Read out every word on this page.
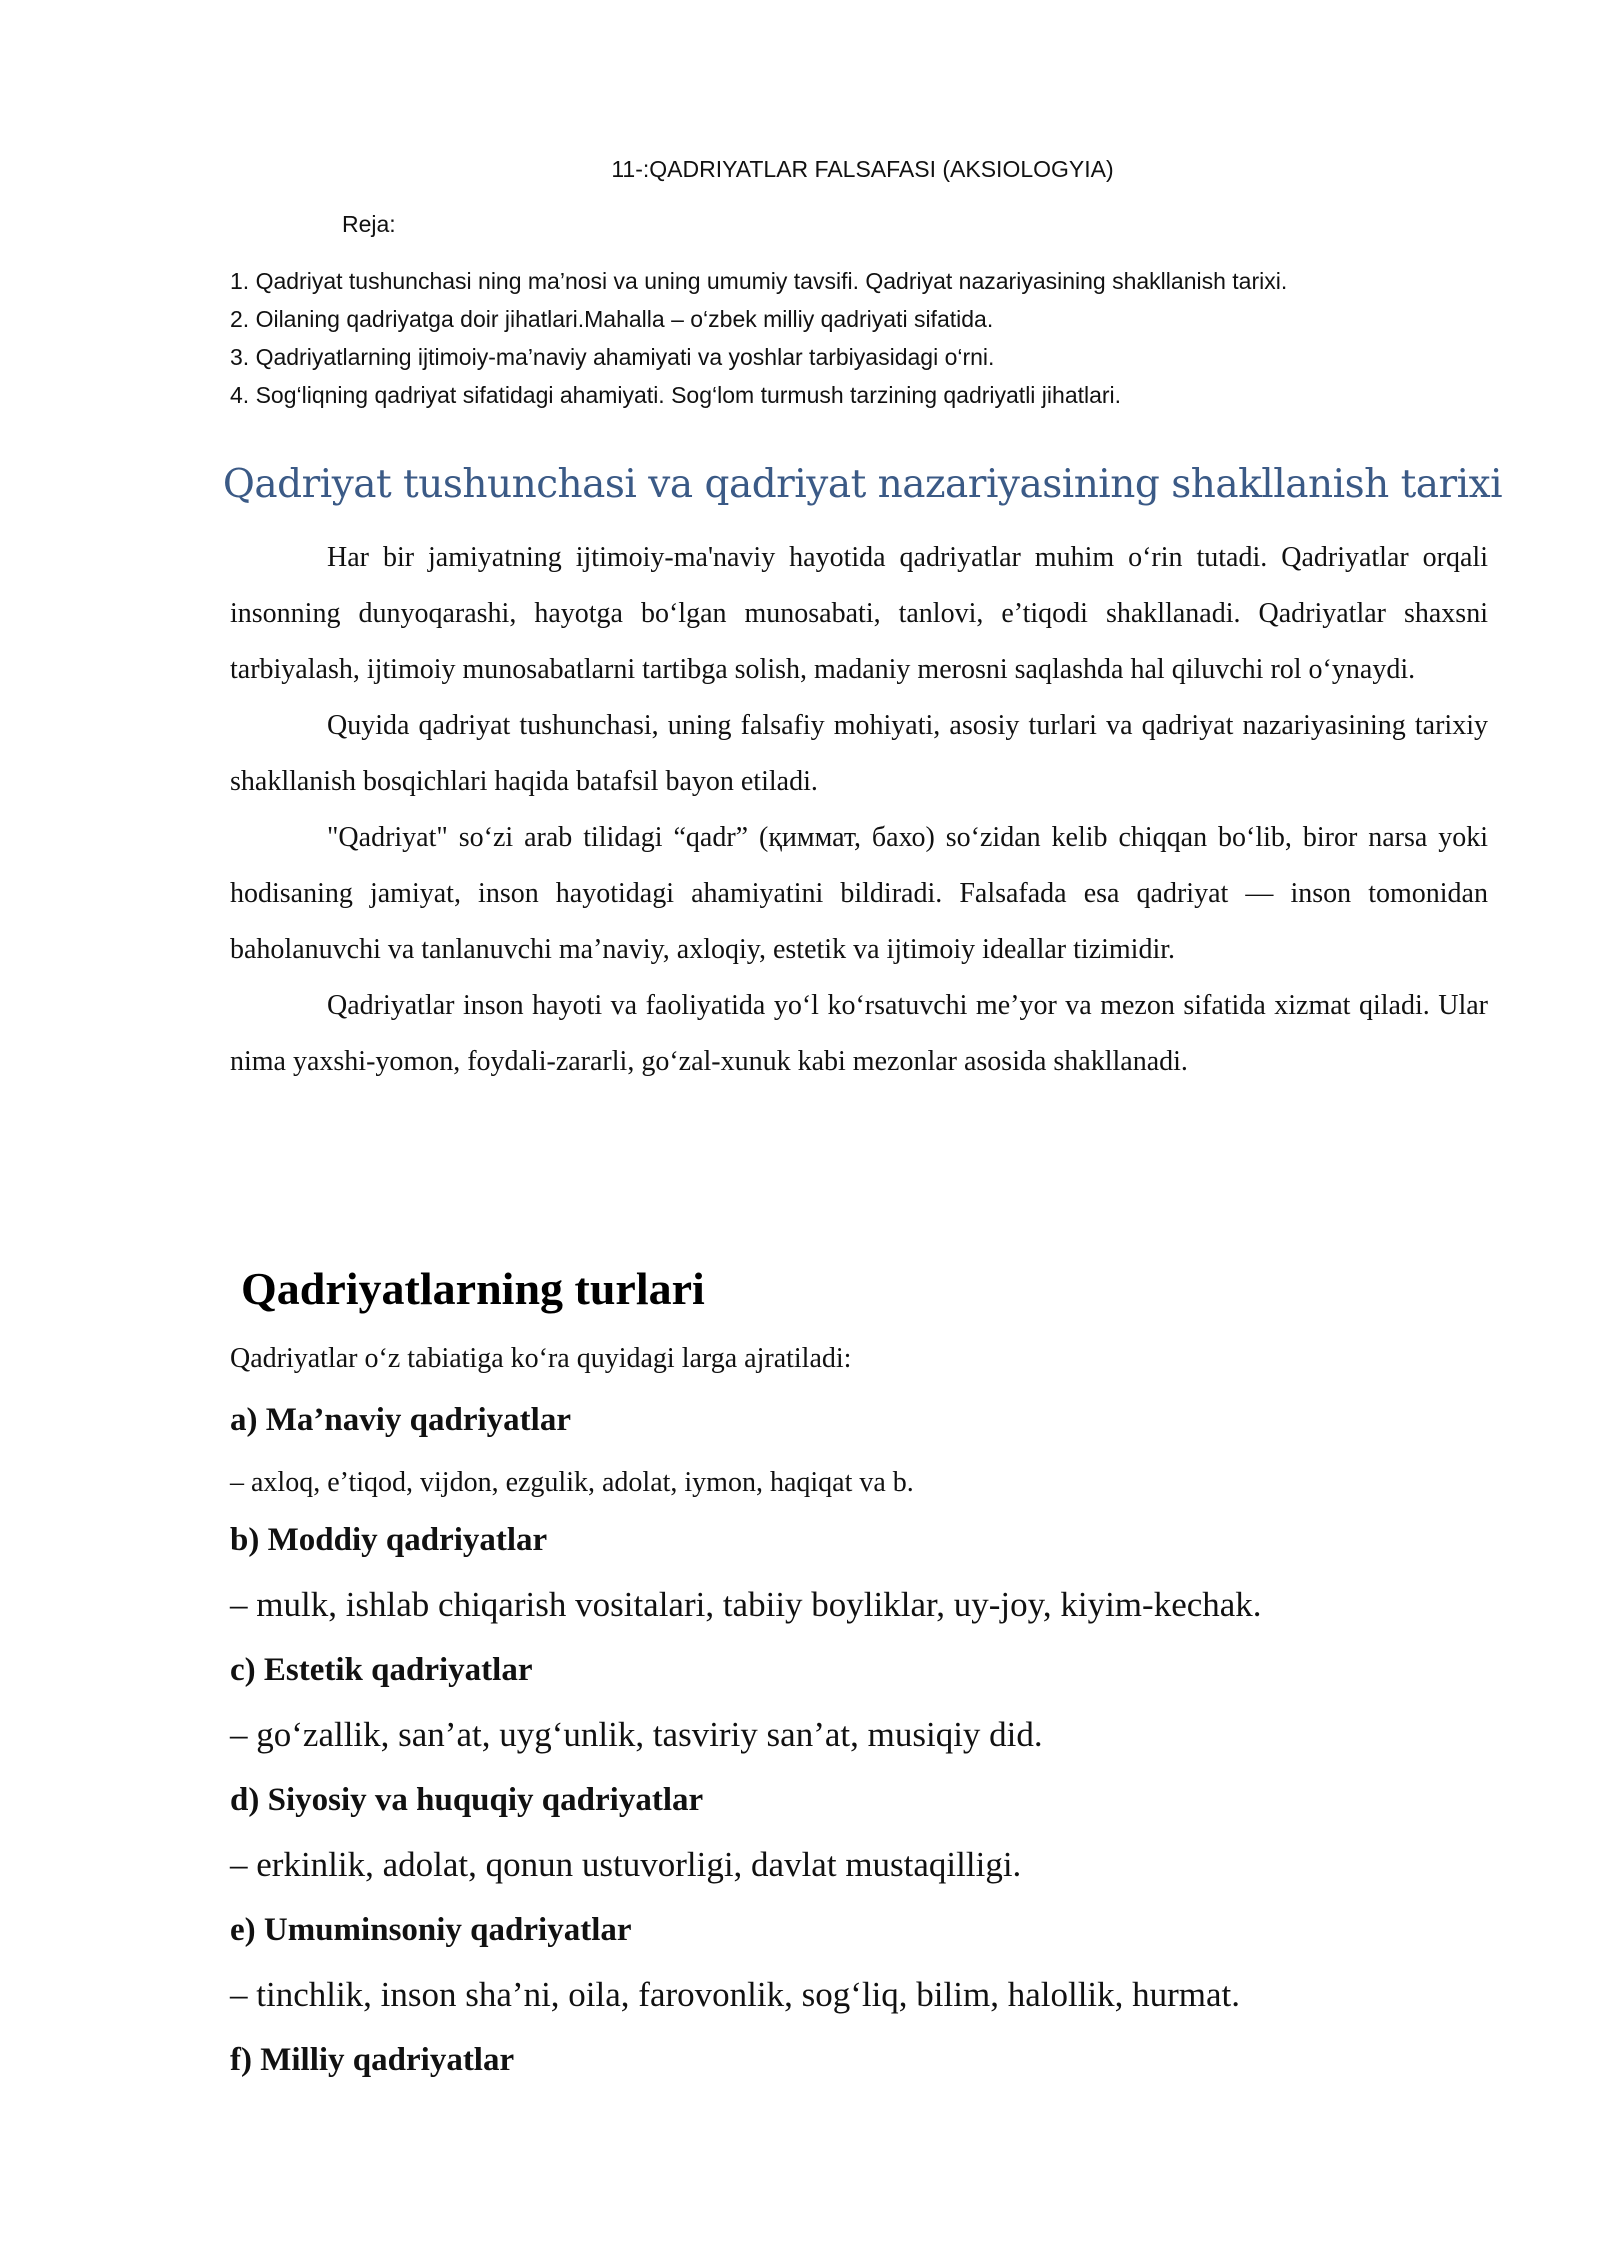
11-:QADRIYATLAR FALSAFASI (AKSIOLOGYIA)
Reja:
1. Qadriyat tushunchasi ning ma’nosi va uning umumiy tavsifi. Qadriyat nazariyasining shakllanish tarixi.
2. Oilaning qadriyatga doir jihatlari.Mahalla – o‘zbek milliy qadriyati sifatida.
3. Qadriyatlarning ijtimoiy-ma’naviy ahamiyati va yoshlar tarbiyasidagi o‘rni.
4. Sog‘liqning qadriyat sifatidagi ahamiyati. Sog‘lom turmush tarzining qadriyatli jihatlari.
Qadriyat tushunchasi va qadriyat nazariyasining shakllanish tarixi

Har bir jamiyatning ijtimoiy-ma'naviy hayotida qadriyatlar muhim o‘rin tutadi. Qadriyatlar orqali insonning dunyoqarashi, hayotga bo‘lgan munosabati, tanlovi, e’tiqodi shakllanadi. Qadriyatlar shaxsni tarbiyalash, ijtimoiy munosabatlarni tartibga solish, madaniy merosni saqlashda hal qiluvchi rol o‘ynaydi.

Quyida qadriyat tushunchasi, uning falsafiy mohiyati, asosiy turlari va qadriyat nazariyasining tarixiy shakllanish bosqichlari haqida batafsil bayon etiladi.

"Qadriyat" so‘zi arab tilidagi “qadr” (қиммат, бахо) so‘zidan kelib chiqqan bo‘lib, biror narsa yoki hodisaning jamiyat, inson hayotidagi ahamiyatini bildiradi. Falsafada esa qadriyat — inson tomonidan baholanuvchi va tanlanuvchi ma’naviy, axloqiy, estetik va ijtimoiy ideallar tizimidir.

Qadriyatlar inson hayoti va faoliyatida yo‘l ko‘rsatuvchi me’yor va mezon sifatida xizmat qiladi. Ular nima yaxshi-yomon, foydali-zararli, go‘zal-xunuk kabi mezonlar asosida shakllanadi.

Qadriyatlarning turlari
Qadriyatlar o‘z tabiatiga ko‘ra quyidagi larga ajratiladi:
a) Ma’naviy qadriyatlar
– axloq, e’tiqod, vijdon, ezgulik, adolat, iymon, haqiqat va b.
b) Moddiy qadriyatlar
– mulk, ishlab chiqarish vositalari, tabiiy boyliklar, uy-joy, kiyim-kechak.
c) Estetik qadriyatlar
– go‘zallik, san’at, uyg‘unlik, tasviriy san’at, musiqiy did.
d) Siyosiy va huquqiy qadriyatlar
– erkinlik, adolat, qonun ustuvorligi, davlat mustaqilligi.
e) Umuminsoniy qadriyatlar
– tinchlik, inson sha’ni, oila, farovonlik, sog‘liq, bilim, halollik, hurmat.
f) Milliy qadriyatlar
